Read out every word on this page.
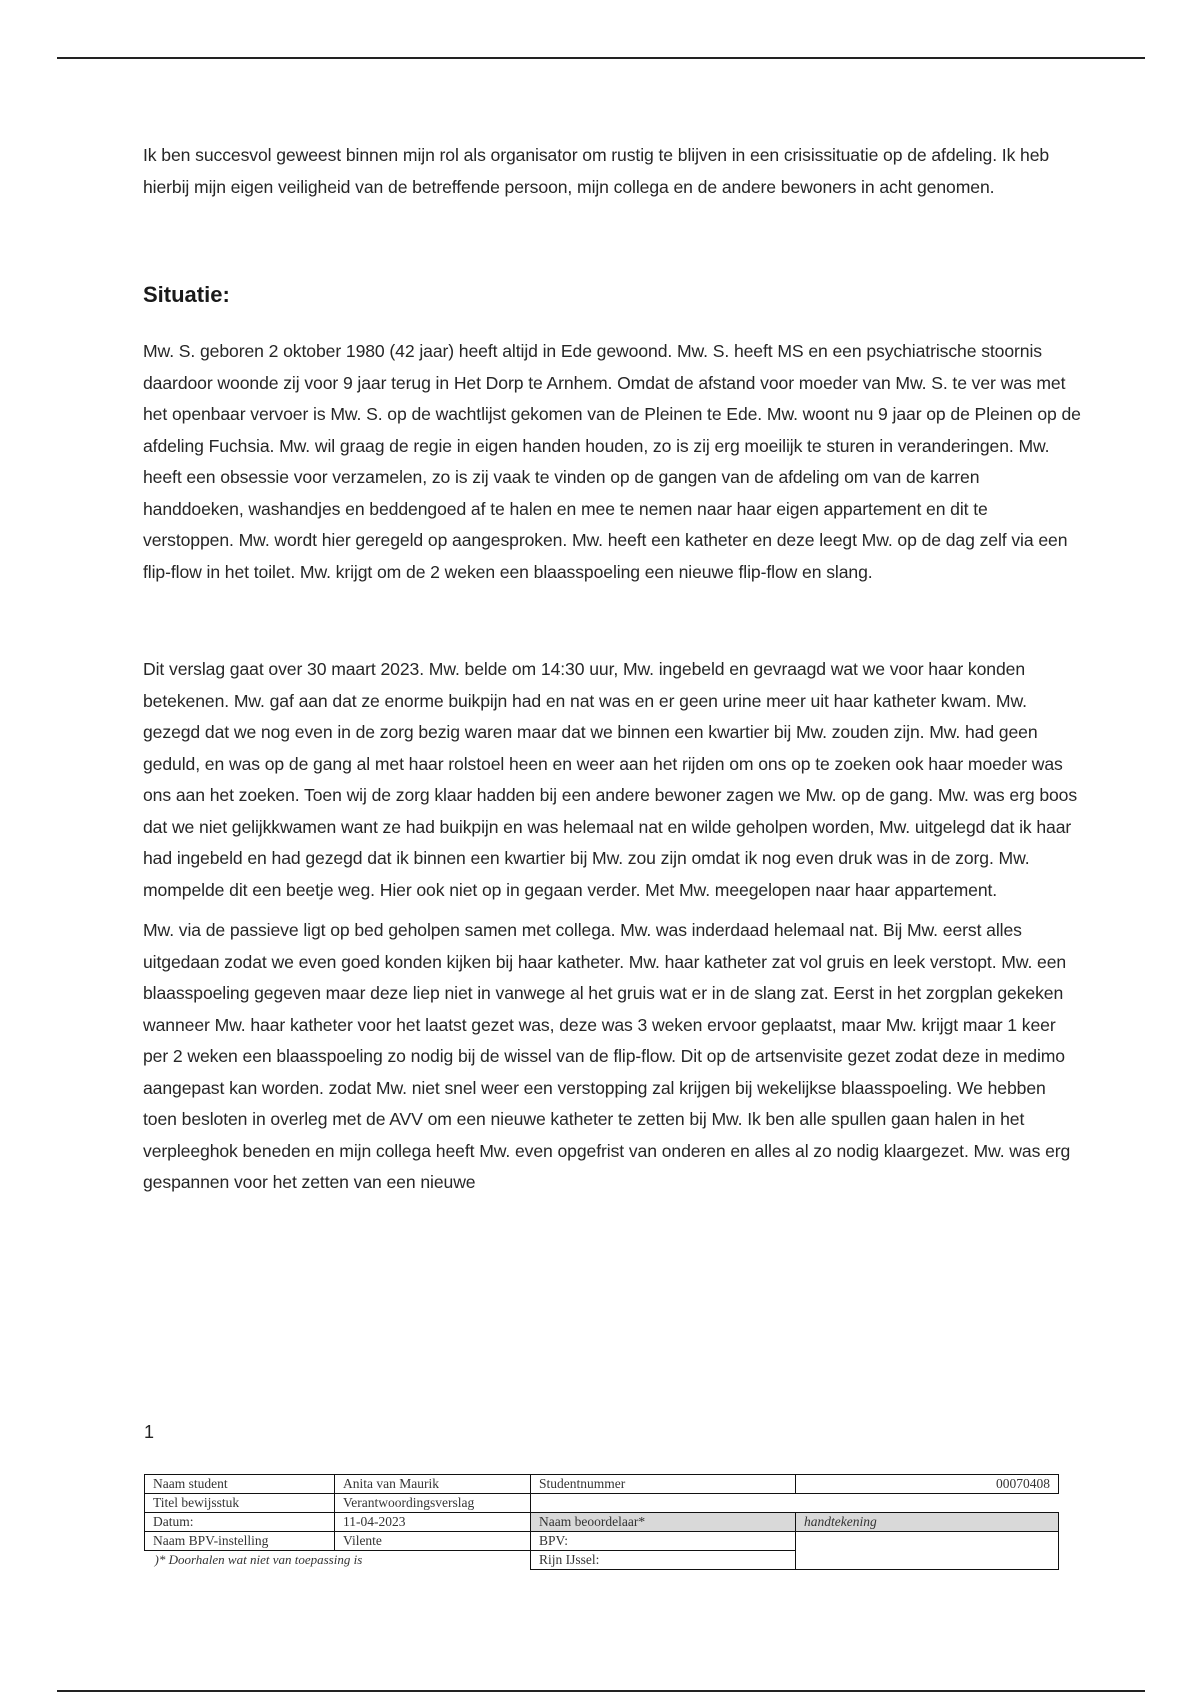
Ik ben succesvol geweest binnen mijn rol als organisator om rustig te blijven in een crisissituatie op de afdeling. Ik heb hierbij mijn eigen veiligheid van de betreffende persoon, mijn collega en de andere bewoners in acht genomen.

Situatie:

Mw. S. geboren 2 oktober 1980 (42 jaar) heeft altijd in Ede gewoond. Mw. S. heeft MS en een psychiatrische stoornis daardoor woonde zij voor 9 jaar terug in Het Dorp te Arnhem. Omdat de afstand voor moeder van Mw. S. te ver was met het openbaar vervoer is Mw. S. op de wachtlijst gekomen van de Pleinen te Ede. Mw. woont nu 9 jaar op de Pleinen op de afdeling Fuchsia. Mw. wil graag de regie in eigen handen houden, zo is zij erg moeilijk te sturen in veranderingen. Mw. heeft een obsessie voor verzamelen, zo is zij vaak te vinden op de gangen van de afdeling om van de karren handdoeken, washandjes en beddengoed af te halen en mee te nemen naar haar eigen appartement en dit te verstoppen. Mw. wordt hier geregeld op aangesproken. Mw. heeft een katheter en deze leegt Mw. op de dag zelf via een flip-flow in het toilet. Mw. krijgt om de 2 weken een blaasspoeling een nieuwe flip-flow en slang.

Dit verslag gaat over 30 maart 2023. Mw. belde om 14:30 uur, Mw. ingebeld en gevraagd wat we voor haar konden betekenen. Mw. gaf aan dat ze enorme buikpijn had en nat was en er geen urine meer uit haar katheter kwam. Mw. gezegd dat we nog even in de zorg bezig waren maar dat we binnen een kwartier bij Mw. zouden zijn. Mw. had geen geduld, en was op de gang al met haar rolstoel heen en weer aan het rijden om ons op te zoeken ook haar moeder was ons aan het zoeken. Toen wij de zorg klaar hadden bij een andere bewoner zagen we Mw. op de gang. Mw. was erg boos dat we niet gelijkkwamen want ze had buikpijn en was helemaal nat en wilde geholpen worden, Mw. uitgelegd dat ik haar had ingebeld en had gezegd dat ik binnen een kwartier bij Mw. zou zijn omdat ik nog even druk was in de zorg. Mw. mompelde dit een beetje weg. Hier ook niet op in gegaan verder. Met Mw. meegelopen naar haar appartement.

Mw. via de passieve ligt op bed geholpen samen met collega. Mw. was inderdaad helemaal nat. Bij Mw. eerst alles uitgedaan zodat we even goed konden kijken bij haar katheter. Mw. haar katheter zat vol gruis en leek verstopt. Mw. een blaasspoeling gegeven maar deze liep niet in vanwege al het gruis wat er in de slang zat. Eerst in het zorgplan gekeken wanneer Mw. haar katheter voor het laatst gezet was, deze was 3 weken ervoor geplaatst, maar Mw. krijgt maar 1 keer per 2 weken een blaasspoeling zo nodig bij de wissel van de flip-flow. Dit op de artsenvisite gezet zodat deze in medimo aangepast kan worden. zodat Mw. niet snel weer een verstopping zal krijgen bij wekelijkse blaasspoeling. We hebben toen besloten in overleg met de AVV om een nieuwe katheter te zetten bij Mw. Ik ben alle spullen gaan halen in het verpleeghok beneden en mijn collega heeft Mw. even opgefrist van onderen en alles al zo nodig klaargezet. Mw. was erg gespannen voor het zetten van een nieuwe

1
Naam student	Anita van Maurik	Studentnummer	00070408
Titel bewijsstuk	Verantwoordingsverslag		
Datum:	11-04-2023	Naam beoordelaar*	handtekening
Naam BPV-instelling	Vilente	BPV:	
)* Doorhalen wat niet van toepassing is		Rijn IJssel:	
